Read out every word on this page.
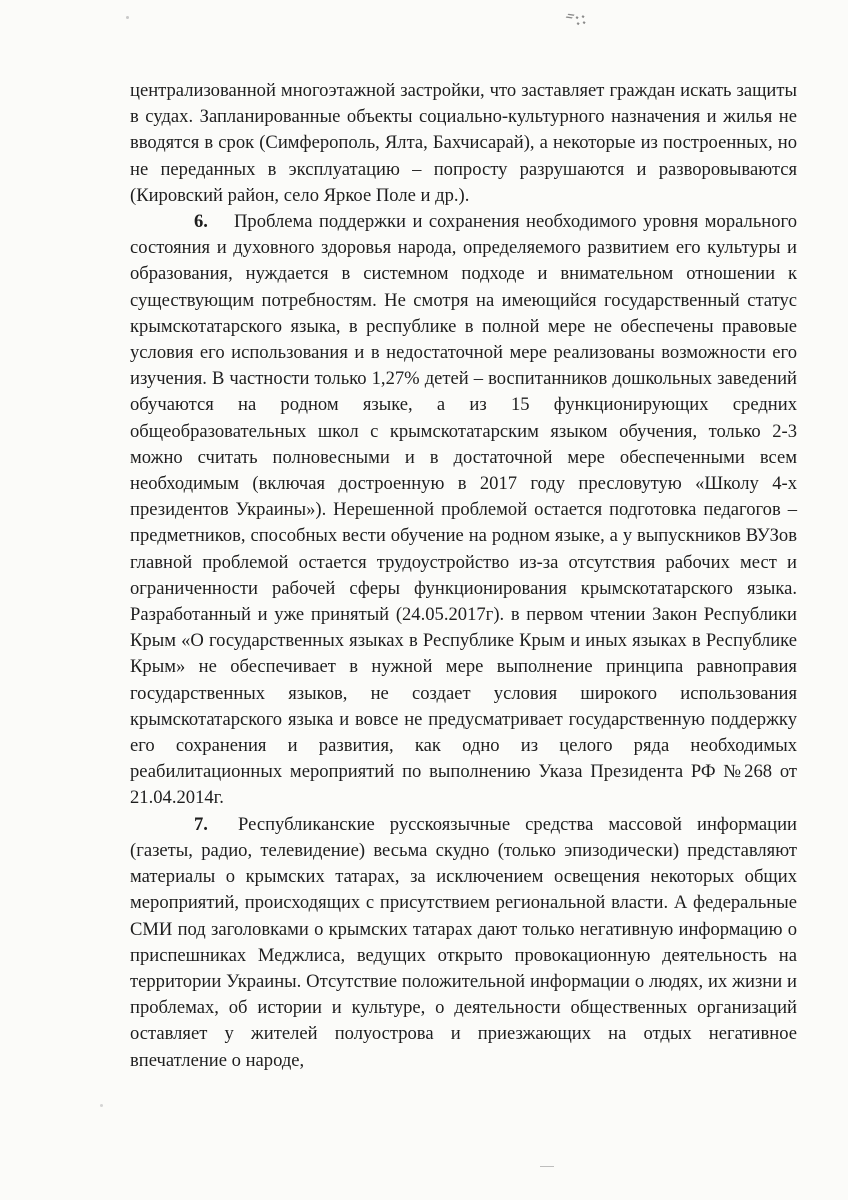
⸗⁘

централизованной многоэтажной застройки, что заставляет граждан искать защиты в судах. Запланированные объекты социально-культурного назначения и жилья не вводятся в срок (Симферополь, Ялта, Бахчисарай), а некоторые из построенных, но не переданных в эксплуатацию – попросту разрушаются и разворовываются (Кировский район, село Яркое Поле и др.).

6. Проблема поддержки и сохранения необходимого уровня морального состояния и духовного здоровья народа, определяемого развитием его культуры и образования, нуждается в системном подходе и внимательном отношении к существующим потребностям. Не смотря на имеющийся государственный статус крымскотатарского языка, в республике в полной мере не обеспечены правовые условия его использования и в недостаточной мере реализованы возможности его изучения. В частности только 1,27% детей – воспитанников дошкольных заведений обучаются на родном языке, а из 15 функционирующих средних общеобразовательных школ с крымскотатарским языком обучения, только 2-3 можно считать полновесными и в достаточной мере обеспеченными всем необходимым (включая достроенную в 2017 году пресловутую «Школу 4-х президентов Украины»). Нерешенной проблемой остается подготовка педагогов – предметников, способных вести обучение на родном языке, а у выпускников ВУЗов главной проблемой остается трудоустройство из-за отсутствия рабочих мест и ограниченности рабочей сферы функционирования крымскотатарского языка. Разработанный и уже принятый (24.05.2017г). в первом чтении Закон Республики Крым «О государственных языках в Республике Крым и иных языках в Республике Крым» не обеспечивает в нужной мере выполнение принципа равноправия государственных языков, не создает условия широкого использования крымскотатарского языка и вовсе не предусматривает государственную поддержку его сохранения и развития, как одно из целого ряда необходимых реабилитационных мероприятий по выполнению Указа Президента РФ №268 от 21.04.2014г.

7. Республиканские русскоязычные средства массовой информации (газеты, радио, телевидение) весьма скудно (только эпизодически) представляют материалы о крымских татарах, за исключением освещения некоторых общих мероприятий, происходящих с присутствием региональной власти. А федеральные СМИ под заголовками о крымских татарах дают только негативную информацию о приспешниках Меджлиса, ведущих открыто провокационную деятельность на территории Украины. Отсутствие положительной информации о людях, их жизни и проблемах, об истории и культуре, о деятельности общественных организаций оставляет у жителей полуострова и приезжающих на отдых негативное впечатление о народе,
